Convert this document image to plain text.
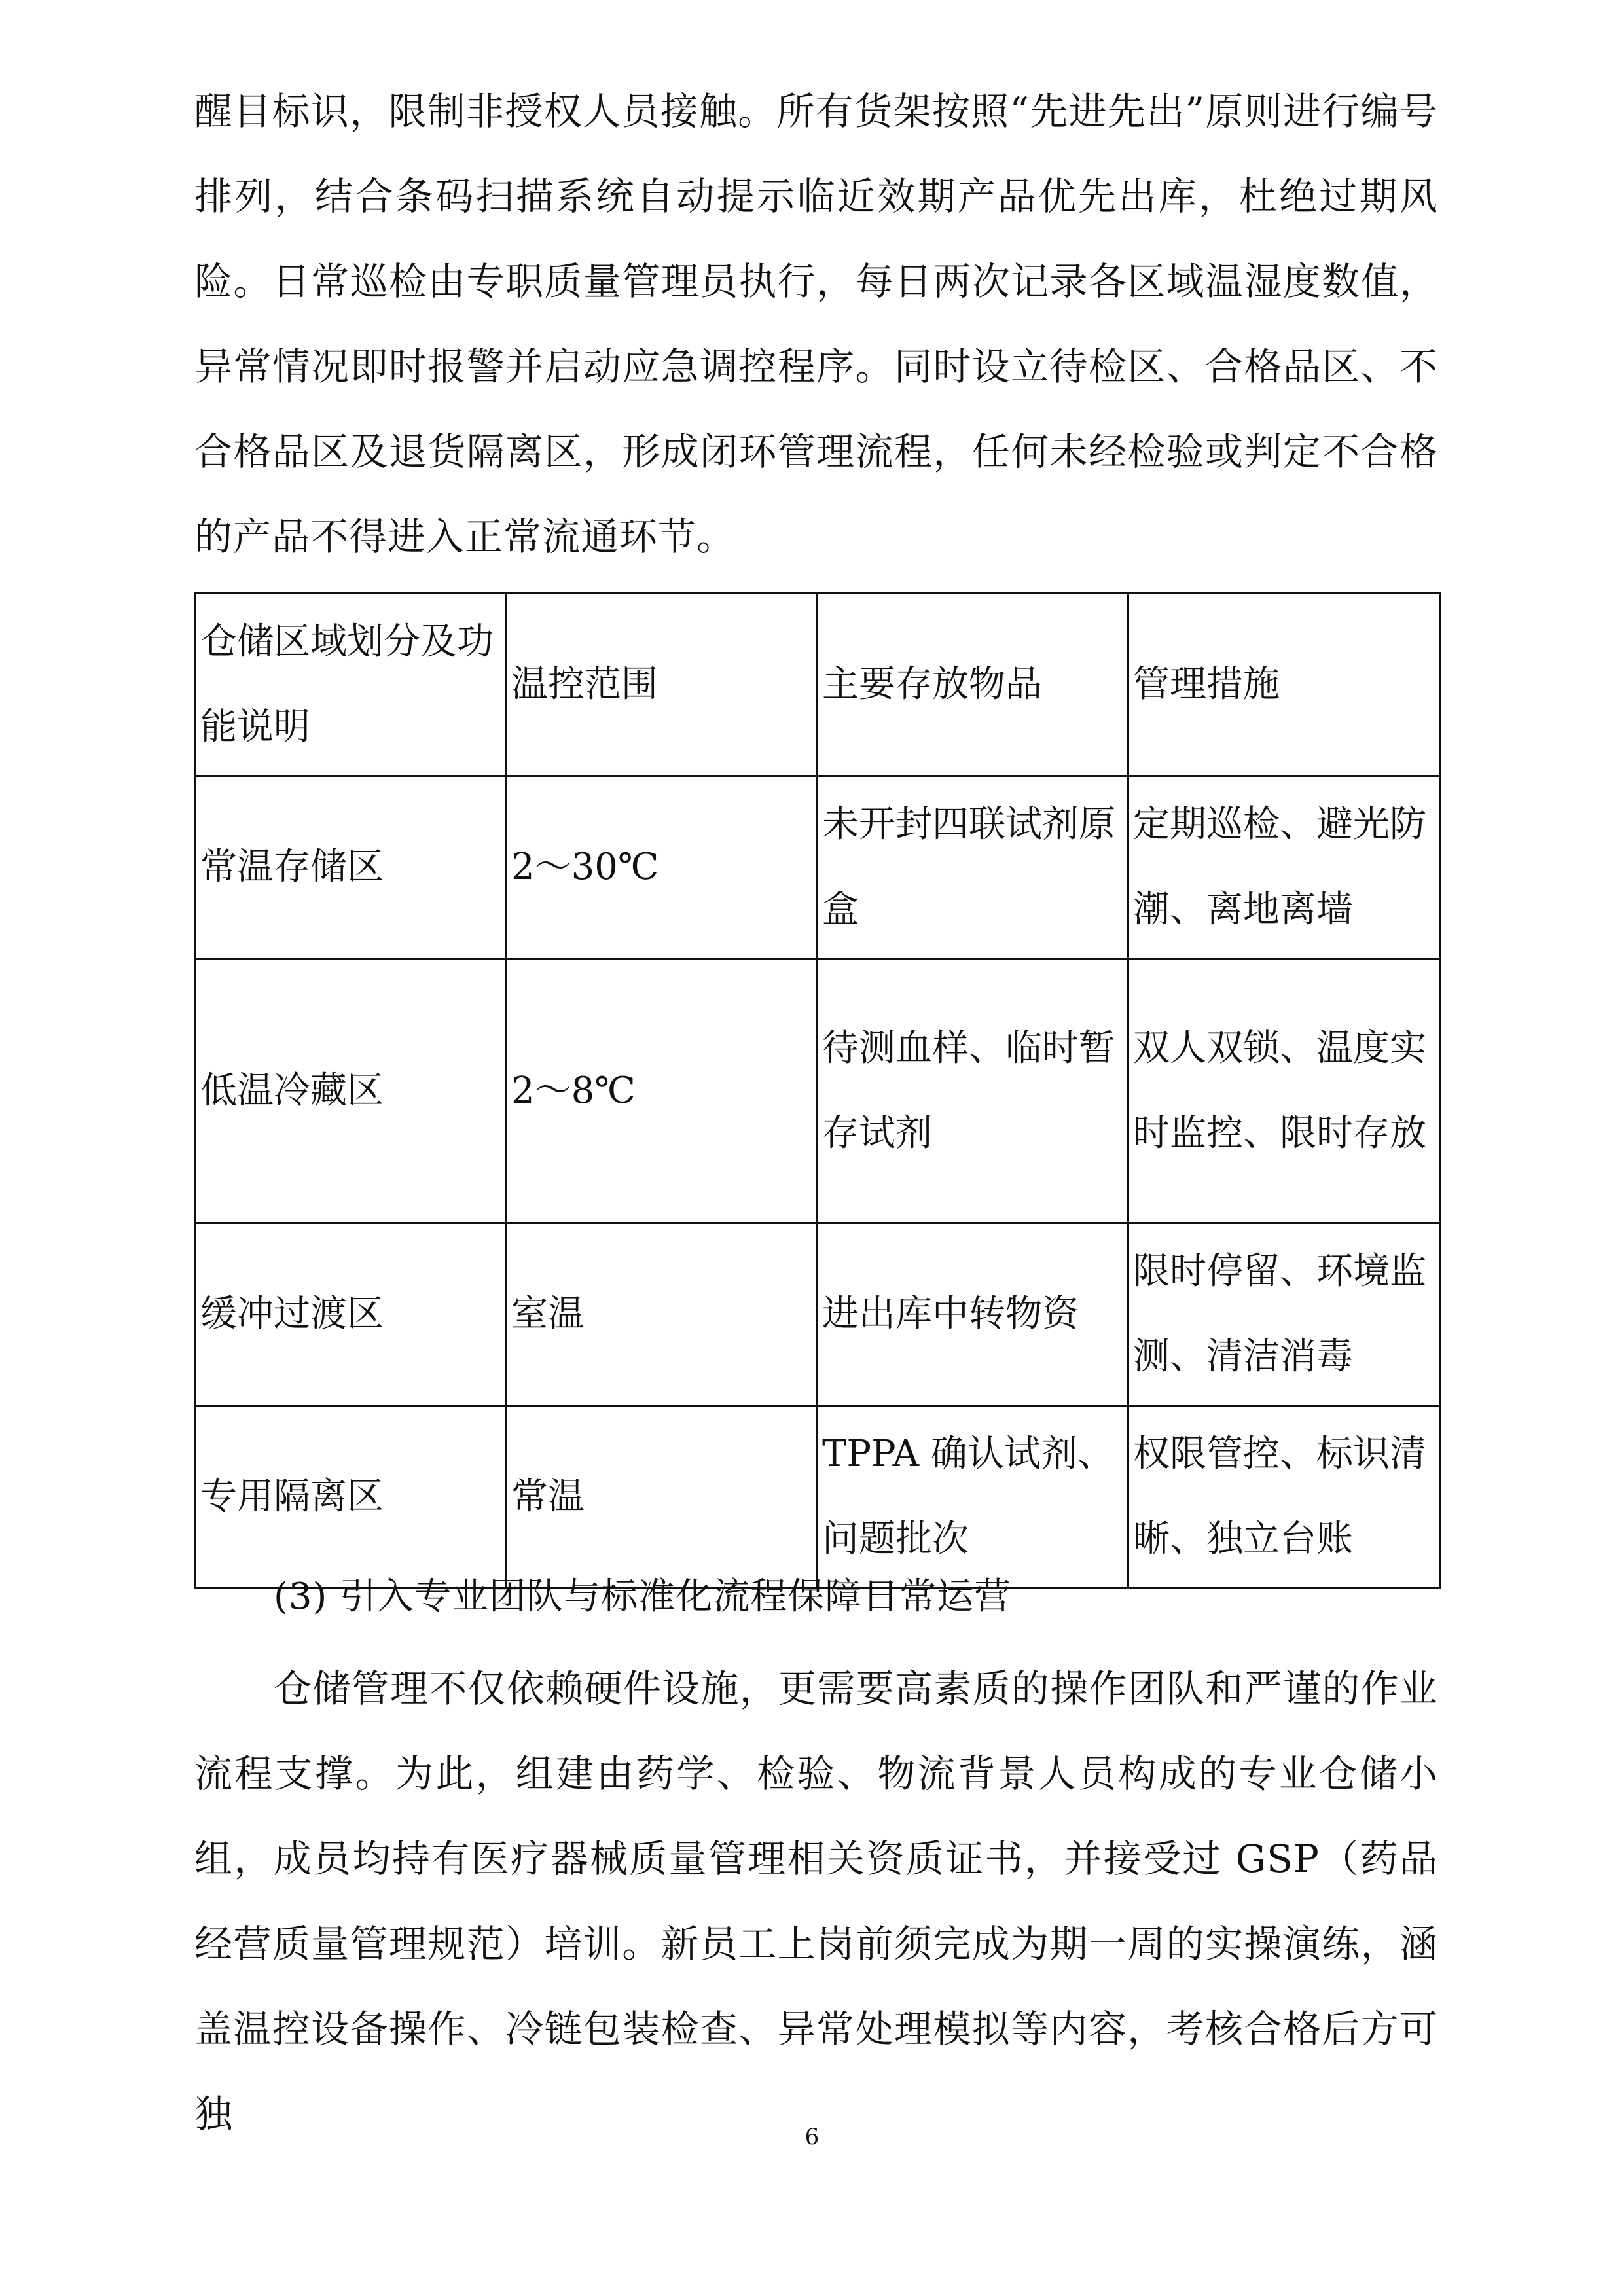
醒目标识，限制非授权人员接触。所有货架按照“先进先出”原则进行编号排列，结合条码扫描系统自动提示临近效期产品优先出库，杜绝过期风险。日常巡检由专职质量管理员执行，每日两次记录各区域温湿度数值，异常情况即时报警并启动应急调控程序。同时设立待检区、合格品区、不合格品区及退货隔离区，形成闭环管理流程，任何未经检验或判定不合格的产品不得进入正常流通环节。

仓储区域划分及功能说明	温控范围	主要存放物品	管理措施
常温存储区	2～30℃	未开封四联试剂原盒	定期巡检、避光防潮、离地离墙
低温冷藏区	2～8℃	待测血样、临时暂存试剂	双人双锁、温度实时监控、限时存放
缓冲过渡区	室温	进出库中转物资	限时停留、环境监测、清洁消毒
专用隔离区	常温	TPPA 确认试剂、问题批次	权限管控、标识清晰、独立台账

(3) 引入专业团队与标准化流程保障日常运营

仓储管理不仅依赖硬件设施，更需要高素质的操作团队和严谨的作业流程支撑。为此，组建由药学、检验、物流背景人员构成的专业仓储小组，成员均持有医疗器械质量管理相关资质证书，并接受过 GSP（药品经营质量管理规范）培训。新员工上岗前须完成为期一周的实操演练，涵盖温控设备操作、冷链包装检查、异常处理模拟等内容，考核合格后方可独

6
